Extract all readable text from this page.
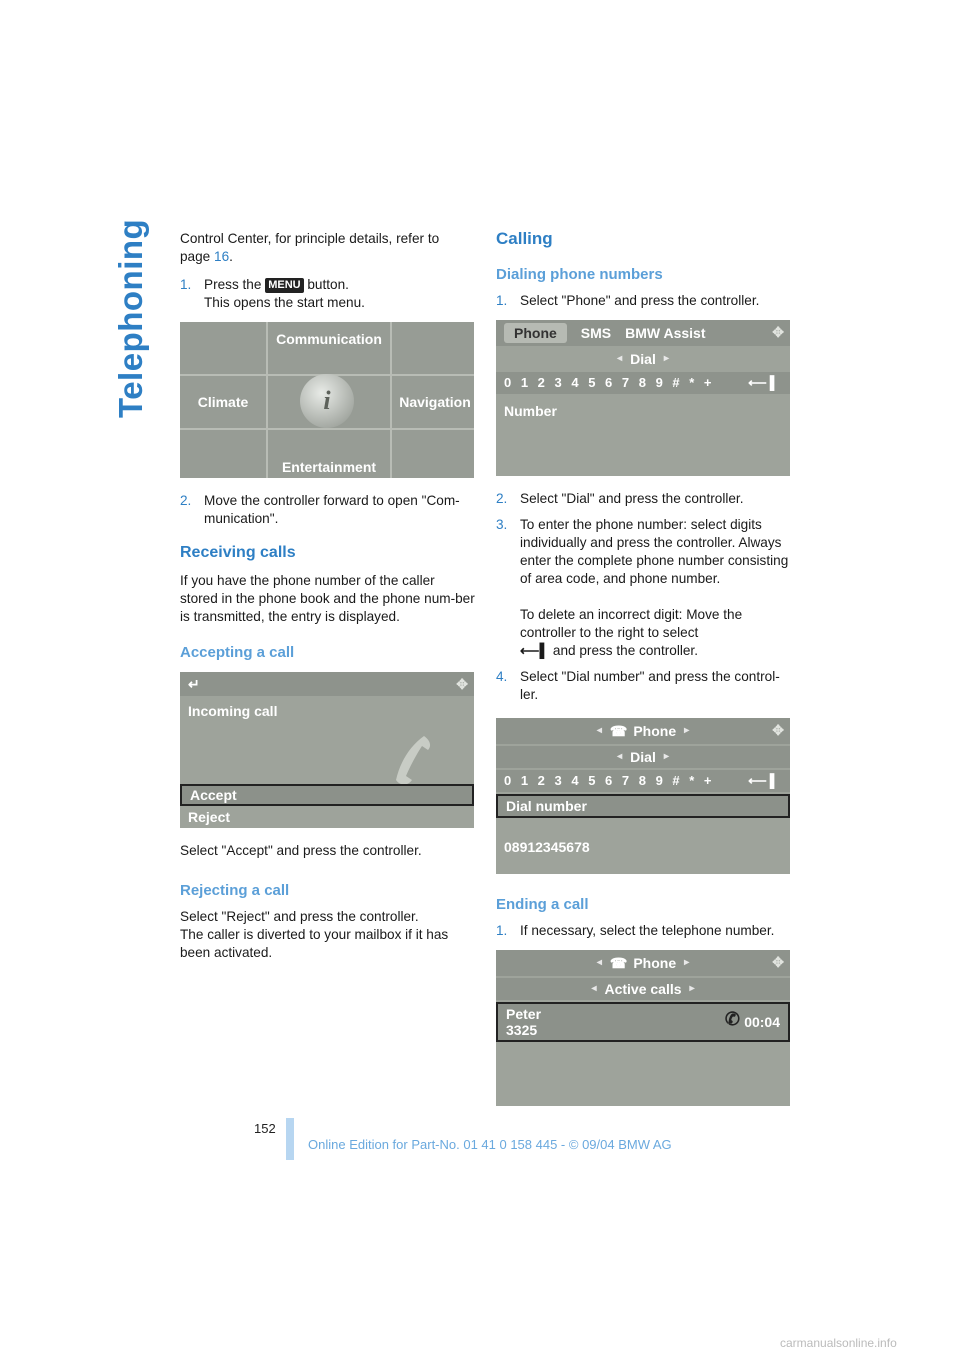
Telephoning Control Center, for principle details, refer to
page 16.

1. Press the MENU button.
This opens the start menu.
Communication
Climate	Navigation
Entertainment
i
2. Move the controller forward to open "Com-munication".
Receiving calls

If you have the phone number of the caller stored in the phone book and the phone num-ber is transmitted, the entry is displayed.

Accepting a call
↵	✥
Incoming call
Accept
Reject

Select "Accept" and press the controller.

Rejecting a call

Select "Reject" and press the controller.
The caller is diverted to your mailbox if it has been activated.

Calling
Dialing phone numbers
1. Select "Phone" and press the controller.
Phone	SMS BMW Assist	✥
◂ Dial ▸
0 1 2 3 4 5 6 7 8 9 # * +	⟵▌
Number
2. Select "Dial" and press the controller.
3. To enter the phone number: select digits individually and press the controller. Always enter the complete phone number consisting of area code, and phone number.

To delete an incorrect digit: Move the controller to the right to select
⟵▌ and press the controller.
4. Select "Dial number" and press the control-ler.
◂ ☎ Phone ▸	✥
◂ Dial ▸
0 1 2 3 4 5 6 7 8 9 # * +	⟵▌
Dial number
08912345678
Ending a call
1. If necessary, select the telephone number.
◂ ☎ Phone ▸	✥
◂ Active calls ▸
Peter
3325
✆ 00:04
152
Online Edition for Part-No. 01 41 0 158 445 - © 09/04 BMW AG
carmanualsonline.info
